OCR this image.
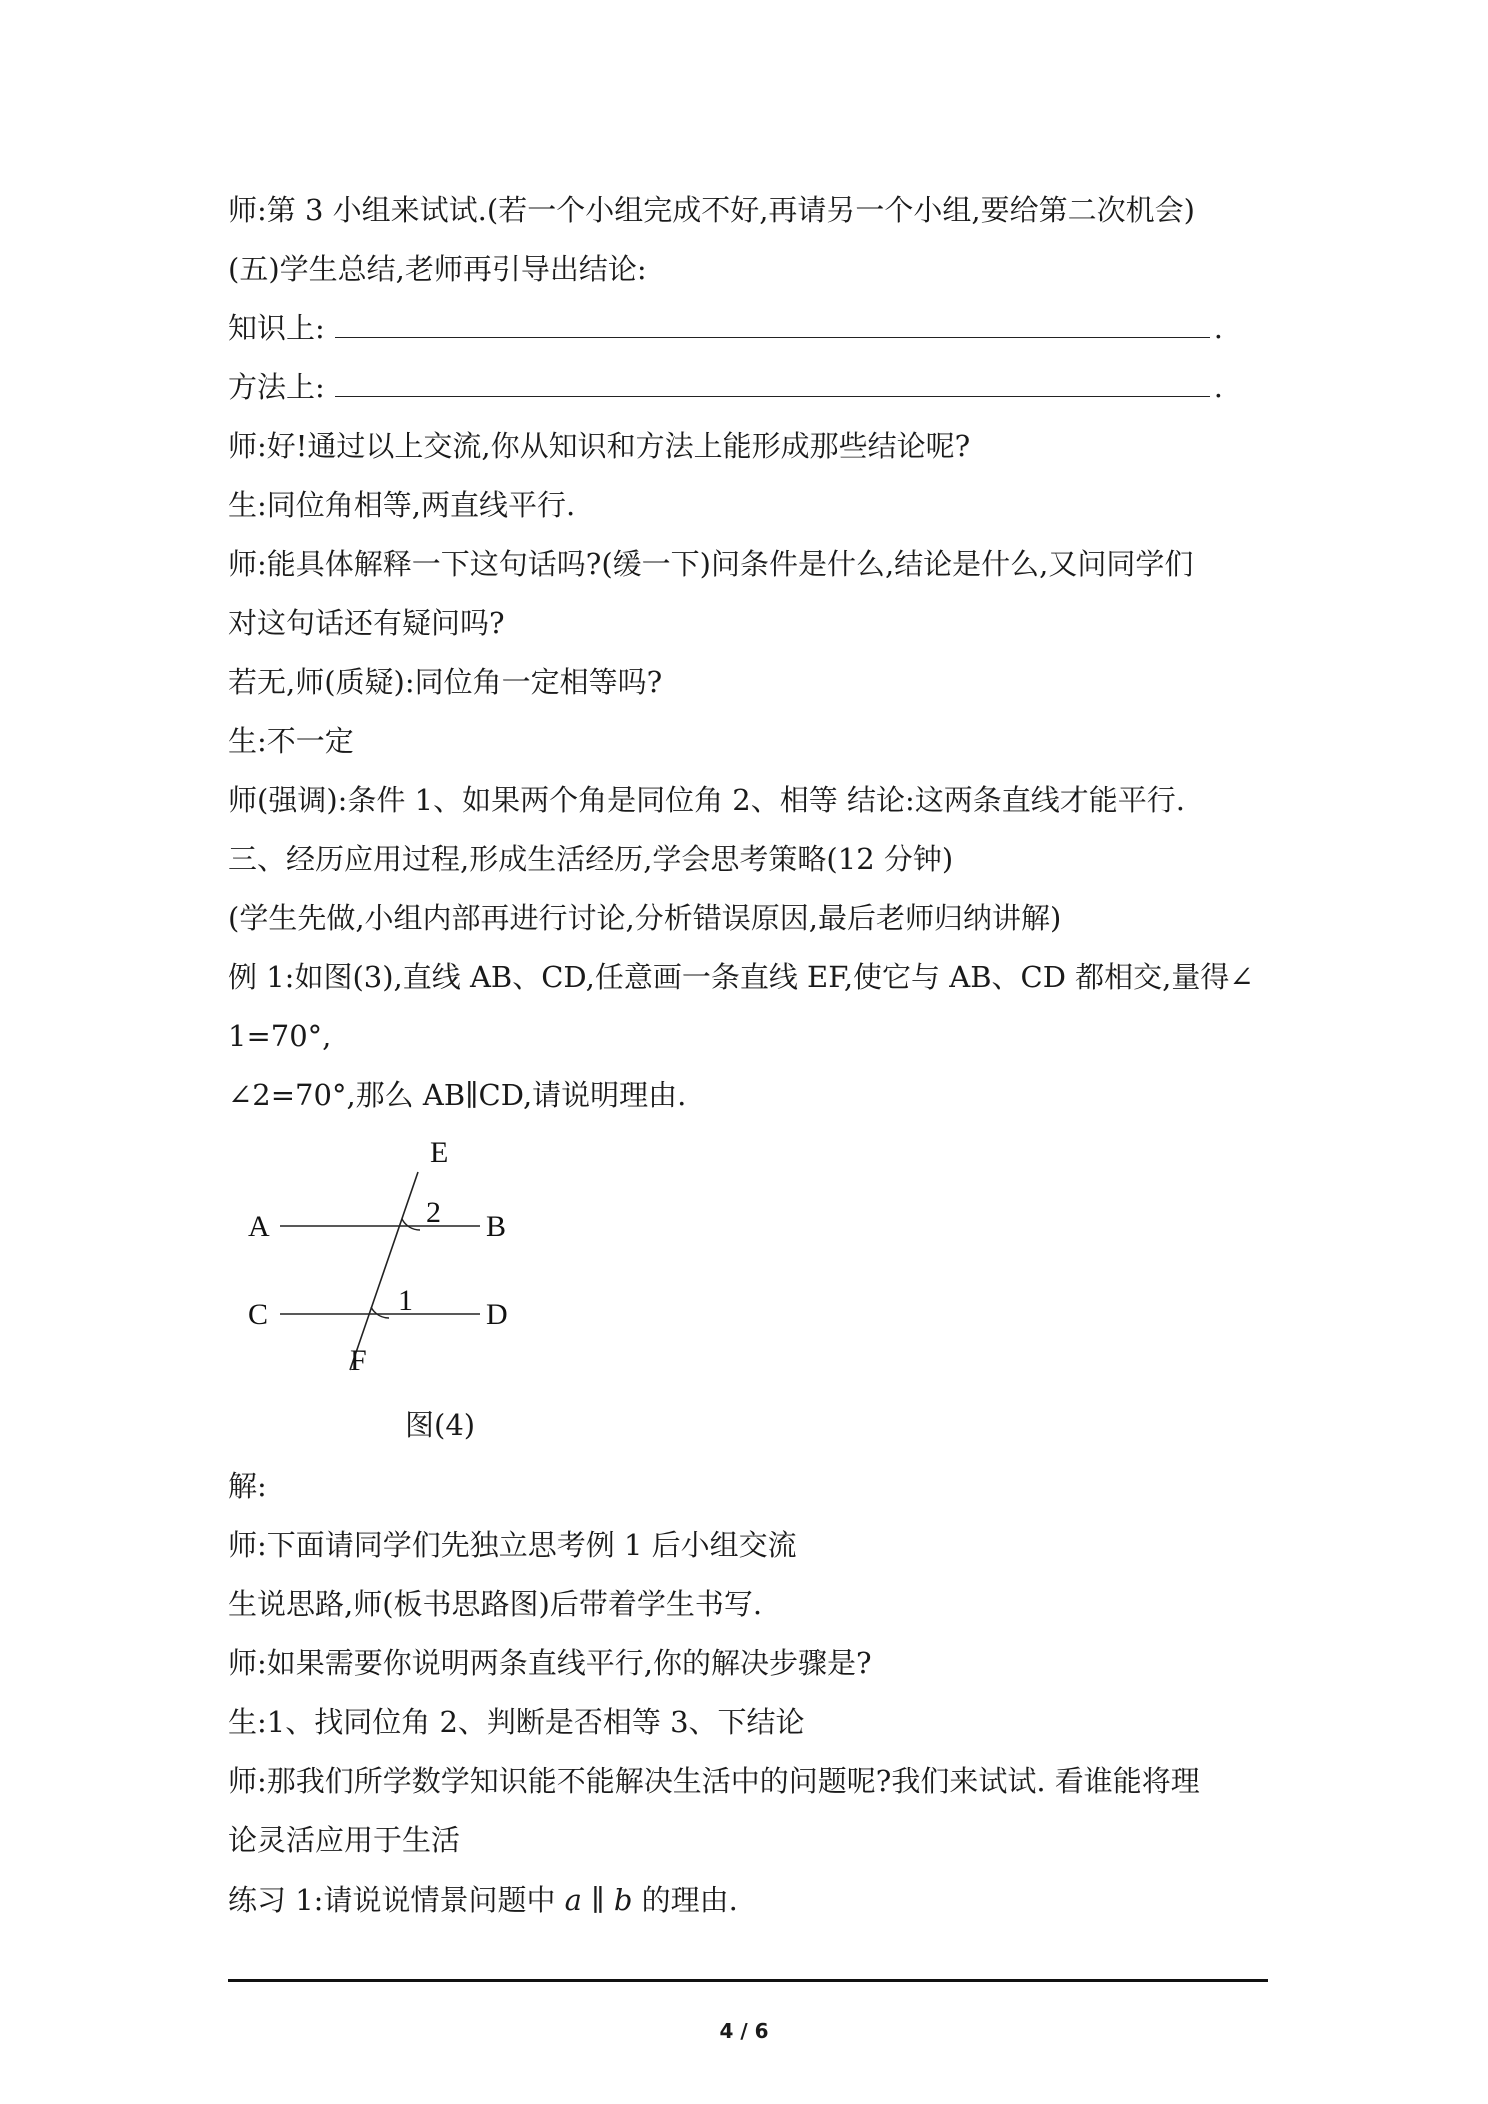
师:第 3 小组来试试.(若一个小组完成不好,再请另一个小组,要给第二次机会)
(五)学生总结,老师再引导出结论:
知识上:	.
方法上:	.
师:好!通过以上交流,你从知识和方法上能形成那些结论呢?
生:同位角相等,两直线平行.
师:能具体解释一下这句话吗?(缓一下)问条件是什么,结论是什么,又问同学们
对这句话还有疑问吗?
若无,师(质疑):同位角一定相等吗?
生:不一定
师(强调):条件 1、如果两个角是同位角 2、相等 结论:这两条直线才能平行.
三、经历应用过程,形成生活经历,学会思考策略(12 分钟)
(学生先做,小组内部再进行讨论,分析错误原因,最后老师归纳讲解)
例 1:如图(3),直线 AB、CD,任意画一条直线 EF,使它与 AB、CD 都相交,量得∠
1=70°,
∠2=70°,那么 AB∥CD,请说明理由.
A	B
C	D
E
F
2
1
图(4)
解:
师:下面请同学们先独立思考例 1 后小组交流
生说思路,师(板书思路图)后带着学生书写.
师:如果需要你说明两条直线平行,你的解决步骤是?
生:1、找同位角 2、判断是否相等 3、下结论
师:那我们所学数学知识能不能解决生活中的问题呢?我们来试试. 看谁能将理
论灵活应用于生活
练习 1:请说说情景问题中 a ∥ b 的理由.
4 / 6
